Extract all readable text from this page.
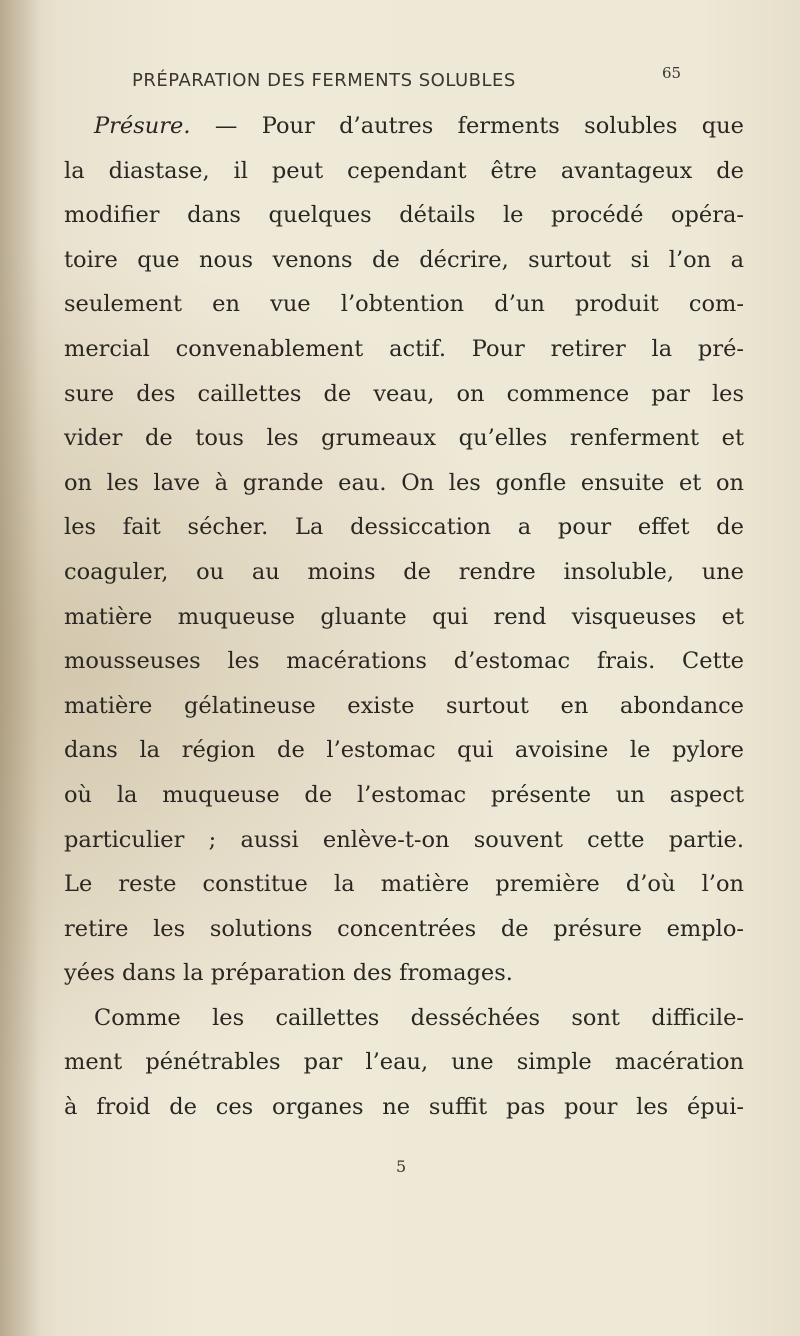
PRÉPARATION DES FERMENTS SOLUBLES	65
Présure. — Pour d’autres ferments solubles que
la diastase, il peut cependant être avantageux de
modifier dans quelques détails le procédé opéra-
toire que nous venons de décrire, surtout si l’on a
seulement en vue l’obtention d’un produit com-
mercial convenablement actif. Pour retirer la pré-
sure des caillettes de veau, on commence par les
vider de tous les grumeaux qu’elles renferment et
on les lave à grande eau. On les gonfle ensuite et on
les fait sécher. La dessiccation a pour effet de
coaguler, ou au moins de rendre insoluble, une
matière muqueuse gluante qui rend visqueuses et
mousseuses les macérations d’estomac frais. Cette
matière gélatineuse existe surtout en abondance
dans la région de l’estomac qui avoisine le pylore
où la muqueuse de l’estomac présente un aspect
particulier ; aussi enlève-t-on souvent cette partie.
Le reste constitue la matière première d’où l’on
retire les solutions concentrées de présure emplo-
yées dans la préparation des fromages.
Comme les caillettes desséchées sont difficile-
ment pénétrables par l’eau, une simple macération
à froid de ces organes ne suffit pas pour les épui-
5
